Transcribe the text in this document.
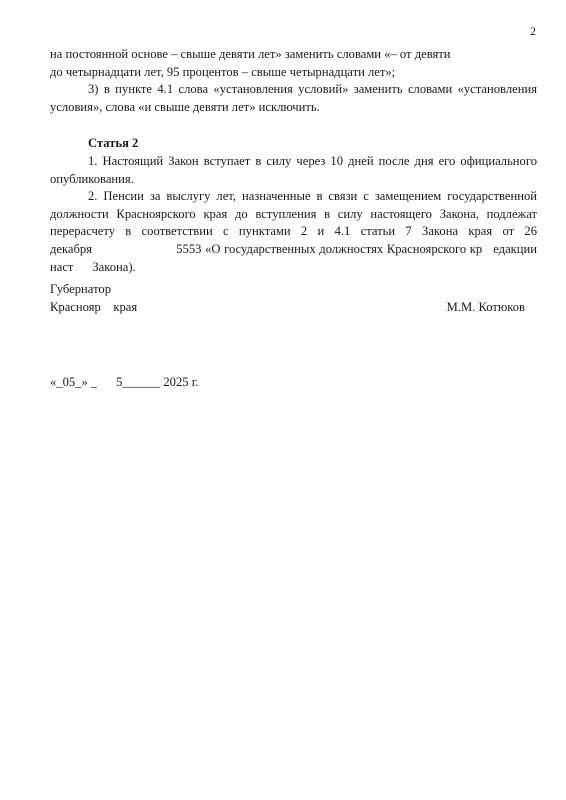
2

на постоянной основе – свыше девяти лет» заменить словами «– от девяти
до четырнадцати лет, 95 процентов – свыше четырнадцати лет»;

3) в пункте 4.1 слова «установления условий» заменить словами «установления условия», слова «и свыше девяти лет» исключить.

Статья 2

1. Настоящий Закон вступает в силу через 10 дней после дня его официального опубликования.

2. Пенсии за выслугу лет, назначенные в связи с замещением государственной должности Красноярского края до вступления в силу настоящего Закона, подлежат перерасчету в соответствии с пунктами 2 и 4.1 статьи 7 Закона края от 26 декабря	5553 «О государственных должностях Красноярского кр едакции наст Закона).

Губернатор
Краснояр края	М.М. Котюков
«_05_» _ 5______ 2025 г.
